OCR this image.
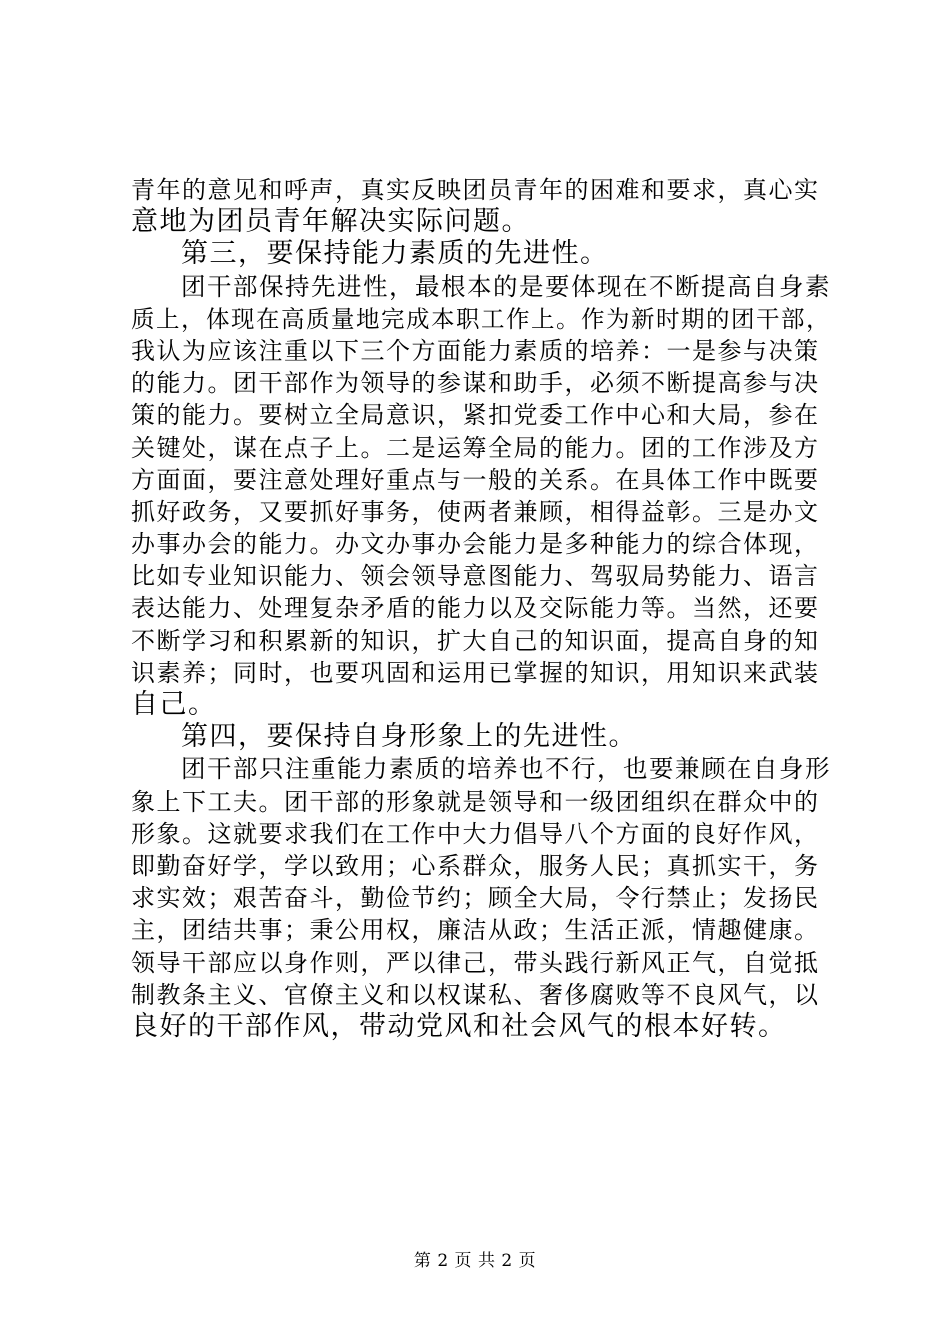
青年的意见和呼声，真实反映团员青年的困难和要求，真心实
意地为团员青年解决实际问题。
第三，要保持能力素质的先进性。
团干部保持先进性，最根本的是要体现在不断提高自身素
质上，体现在高质量地完成本职工作上。作为新时期的团干部，
我认为应该注重以下三个方面能力素质的培养：一是参与决策
的能力。团干部作为领导的参谋和助手，必须不断提高参与决
策的能力。要树立全局意识，紧扣党委工作中心和大局，参在
关键处，谋在点子上。二是运筹全局的能力。团的工作涉及方
方面面，要注意处理好重点与一般的关系。在具体工作中既要
抓好政务，又要抓好事务，使两者兼顾，相得益彰。三是办文
办事办会的能力。办文办事办会能力是多种能力的综合体现，
比如专业知识能力、领会领导意图能力、驾驭局势能力、语言
表达能力、处理复杂矛盾的能力以及交际能力等。当然，还要
不断学习和积累新的知识，扩大自己的知识面，提高自身的知
识素养；同时，也要巩固和运用已掌握的知识，用知识来武装
自己。
第四，要保持自身形象上的先进性。
团干部只注重能力素质的培养也不行，也要兼顾在自身形
象上下工夫。团干部的形象就是领导和一级团组织在群众中的
形象。这就要求我们在工作中大力倡导八个方面的良好作风，
即勤奋好学，学以致用；心系群众，服务人民；真抓实干，务
求实效；艰苦奋斗，勤俭节约；顾全大局，令行禁止；发扬民
主，团结共事；秉公用权，廉洁从政；生活正派，情趣健康。
领导干部应以身作则，严以律己，带头践行新风正气，自觉抵
制教条主义、官僚主义和以权谋私、奢侈腐败等不良风气，以
良好的干部作风，带动党风和社会风气的根本好转。
第 2 页 共 2 页
